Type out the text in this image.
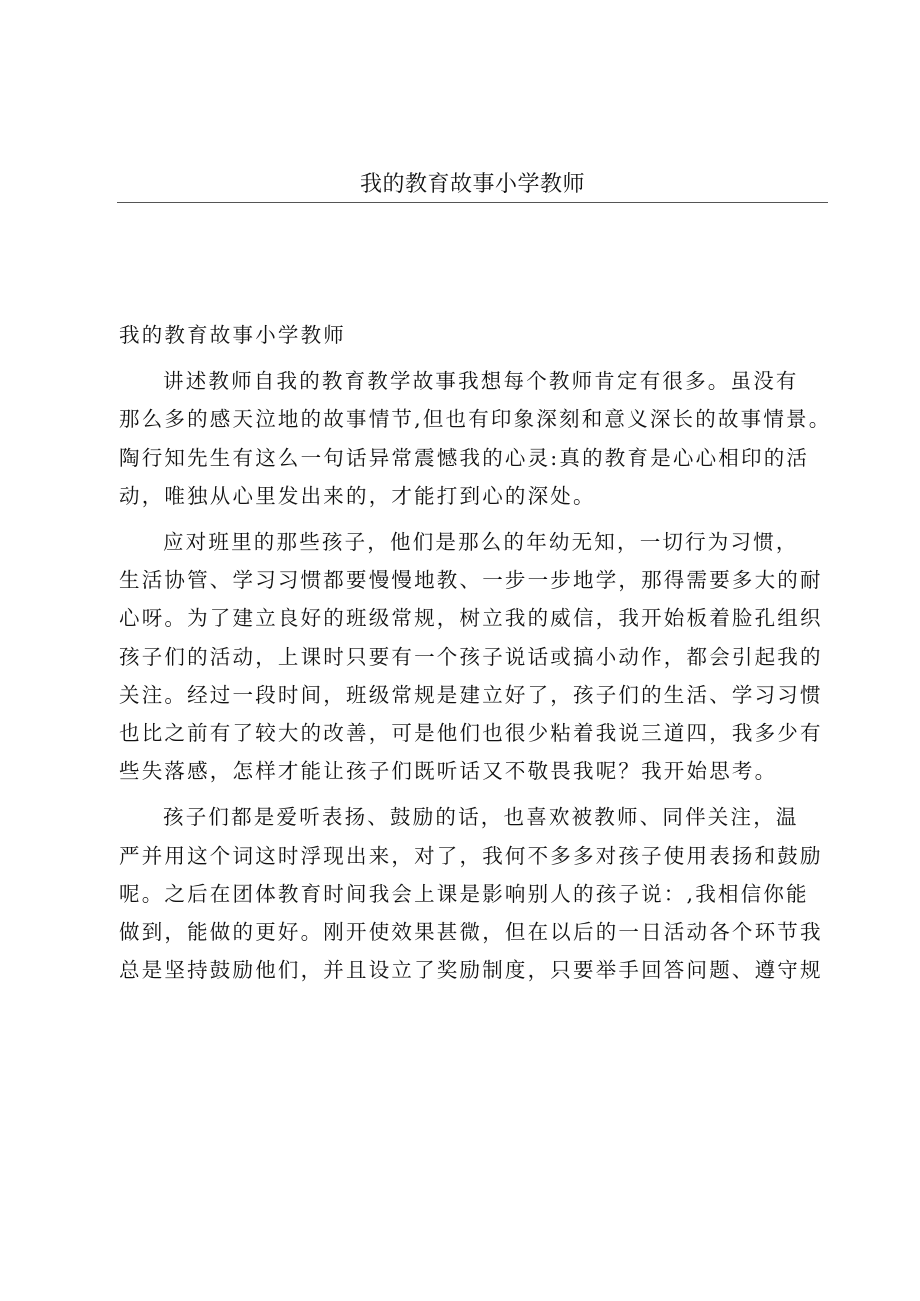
我的教育故事小学教师
我的教育故事小学教师
讲述教师自我的教育教学故事我想每个教师肯定有很多。虽没有
那么多的感天泣地的故事情节,但也有印象深刻和意义深长的故事情景。
陶行知先生有这么一句话异常震憾我的心灵:真的教育是心心相印的活
动，唯独从心里发出来的，才能打到心的深处。
应对班里的那些孩子，他们是那么的年幼无知，一切行为习惯，
生活协管、学习习惯都要慢慢地教、一步一步地学，那得需要多大的耐
心呀。为了建立良好的班级常规，树立我的威信，我开始板着脸孔组织
孩子们的活动，上课时只要有一个孩子说话或搞小动作，都会引起我的
关注。经过一段时间，班级常规是建立好了，孩子们的生活、学习习惯
也比之前有了较大的改善，可是他们也很少粘着我说三道四，我多少有
些失落感，怎样才能让孩子们既听话又不敬畏我呢？我开始思考。
孩子们都是爱听表扬、鼓励的话，也喜欢被教师、同伴关注，温
严并用这个词这时浮现出来，对了，我何不多多对孩子使用表扬和鼓励
呢。之后在团体教育时间我会上课是影响别人的孩子说：,我相信你能
做到，能做的更好。刚开使效果甚微，但在以后的一日活动各个环节我
总是坚持鼓励他们，并且设立了奖励制度，只要举手回答问题、遵守规
